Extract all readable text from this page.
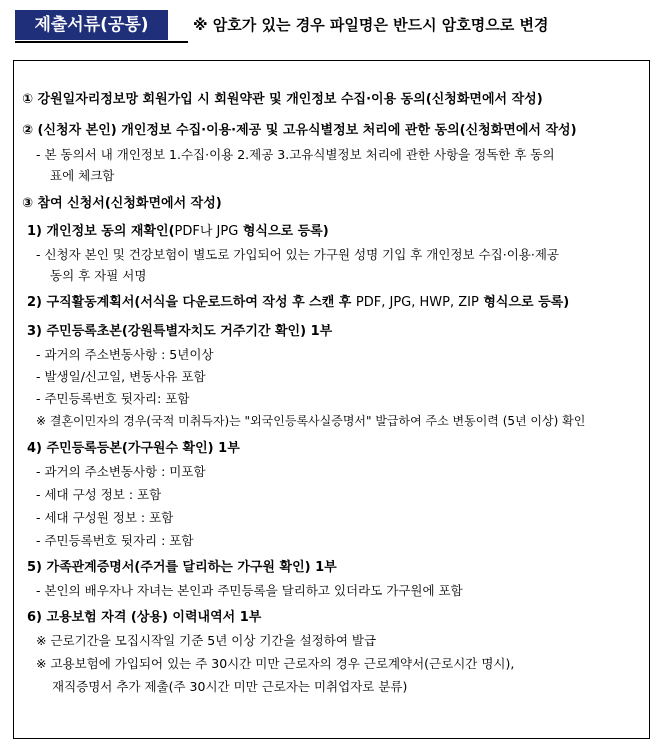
제출서류(공통)	※ 암호가 있는 경우 파일명은 반드시 암호명으로 변경
① 강원일자리정보망 회원가입 시 회원약관 및 개인정보 수집·이용 동의(신청화면에서 작성)
② (신청자 본인) 개인정보 수집·이용·제공 및 고유식별정보 처리에 관한 동의(신청화면에서 작성)
- 본 동의서 내 개인정보 1.수집·이용 2.제공 3.고유식별정보 처리에 관한 사항을 정독한 후 동의
표에 체크함
③ 참여 신청서(신청화면에서 작성)
1) 개인정보 동의 재확인(PDF나 JPG 형식으로 등록)
- 신청자 본인 및 건강보험이 별도로 가입되어 있는 가구원 성명 기입 후 개인정보 수집·이용·제공
동의 후 자필 서명
2) 구직활동계획서(서식을 다운로드하여 작성 후 스캔 후 PDF, JPG, HWP, ZIP 형식으로 등록)
3) 주민등록초본(강원특별자치도 거주기간 확인) 1부
- 과거의 주소변동사항 : 5년이상
- 발생일/신고일, 변동사유 포함
- 주민등록번호 뒷자리: 포함
※ 결혼이민자의 경우(국적 미취득자)는 "외국인등록사실증명서" 발급하여 주소 변동이력 (5년 이상) 확인
4) 주민등록등본(가구원수 확인) 1부
- 과거의 주소변동사항 : 미포함
- 세대 구성 정보 : 포함
- 세대 구성원 정보 : 포함
- 주민등록번호 뒷자리 : 포함
5) 가족관계증명서(주거를 달리하는 가구원 확인) 1부
- 본인의 배우자나 자녀는 본인과 주민등록을 달리하고 있더라도 가구원에 포함
6) 고용보험 자격 (상용) 이력내역서 1부
※ 근로기간을 모집시작일 기준 5년 이상 기간을 설정하여 발급
※ 고용보험에 가입되어 있는 주 30시간 미만 근로자의 경우 근로계약서(근로시간 명시),
재직증명서 추가 제출(주 30시간 미만 근로자는 미취업자로 분류)
